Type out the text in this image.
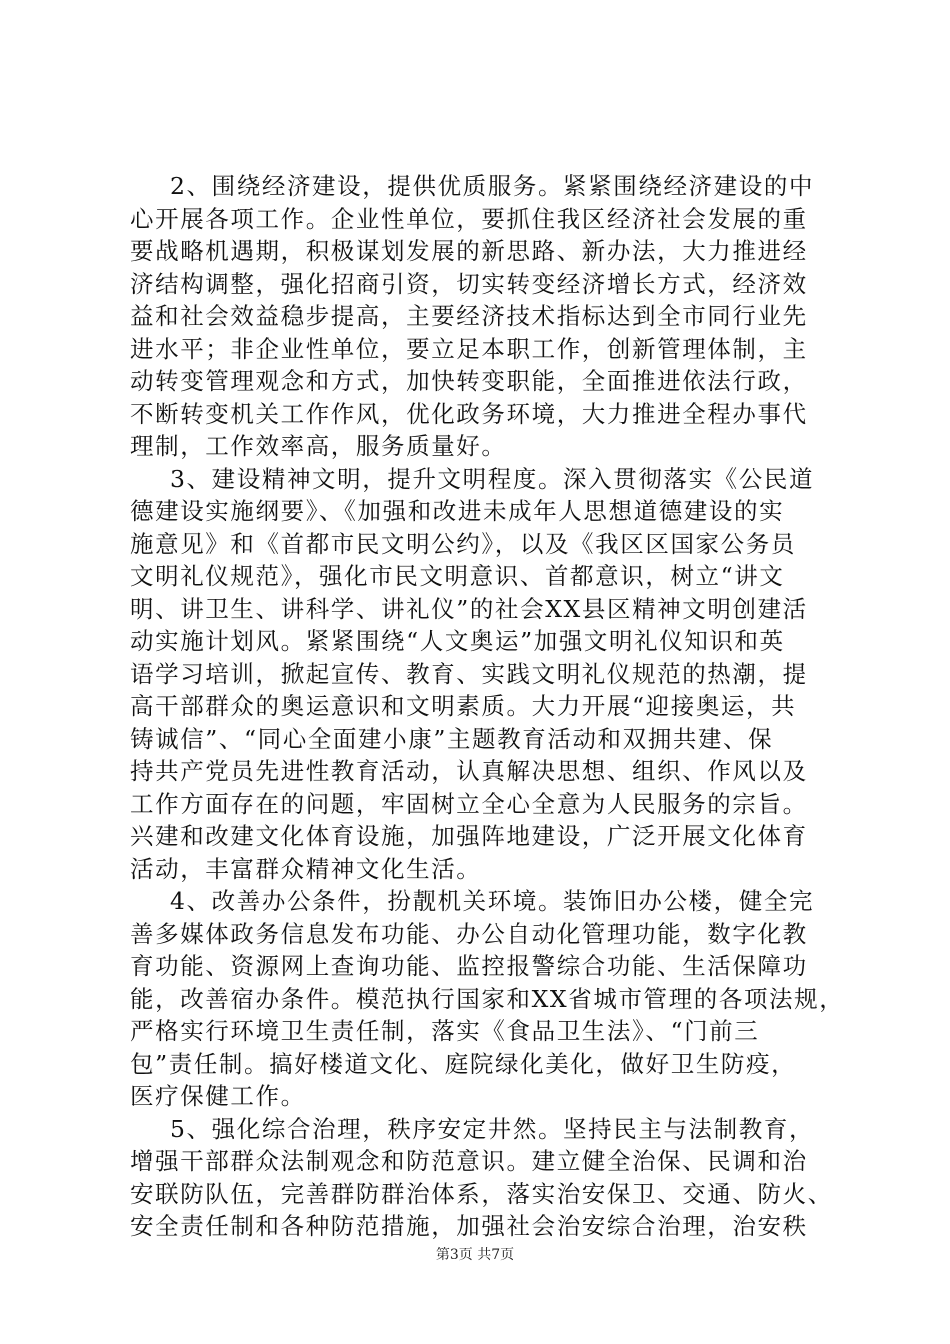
2、围绕经济建设，提供优质服务。紧紧围绕经济建设的中
心开展各项工作。企业性单位，要抓住我区经济社会发展的重
要战略机遇期，积极谋划发展的新思路、新办法，大力推进经
济结构调整，强化招商引资，切实转变经济增长方式，经济效
益和社会效益稳步提高，主要经济技术指标达到全市同行业先
进水平；非企业性单位，要立足本职工作，创新管理体制，主
动转变管理观念和方式，加快转变职能，全面推进依法行政，
不断转变机关工作作风，优化政务环境，大力推进全程办事代
理制，工作效率高，服务质量好。
3、建设精神文明，提升文明程度。深入贯彻落实《公民道
德建设实施纲要》、《加强和改进未成年人思想道德建设的实
施意见》和《首都市民文明公约》，以及《我区区国家公务员
文明礼仪规范》，强化市民文明意识、首都意识，树立“讲文
明、讲卫生、讲科学、讲礼仪”的社会XX县区精神文明创建活
动实施计划风。紧紧围绕“人文奥运”加强文明礼仪知识和英
语学习培训，掀起宣传、教育、实践文明礼仪规范的热潮，提
高干部群众的奥运意识和文明素质。大力开展“迎接奥运，共
铸诚信”、“同心全面建小康”主题教育活动和双拥共建、保
持共产党员先进性教育活动，认真解决思想、组织、作风以及
工作方面存在的问题，牢固树立全心全意为人民服务的宗旨。
兴建和改建文化体育设施，加强阵地建设，广泛开展文化体育
活动，丰富群众精神文化生活。
4、改善办公条件，扮靓机关环境。装饰旧办公楼，健全完
善多媒体政务信息发布功能、办公自动化管理功能，数字化教
育功能、资源网上查询功能、监控报警综合功能、生活保障功
能，改善宿办条件。模范执行国家和XX省城市管理的各项法规，
严格实行环境卫生责任制，落实《食品卫生法》、“门前三
包”责任制。搞好楼道文化、庭院绿化美化，做好卫生防疫，
医疗保健工作。
5、强化综合治理，秩序安定井然。坚持民主与法制教育，
增强干部群众法制观念和防范意识。建立健全治保、民调和治
安联防队伍，完善群防群治体系，落实治安保卫、交通、防火、
安全责任制和各种防范措施，加强社会治安综合治理，治安秩
第3页 共7页
